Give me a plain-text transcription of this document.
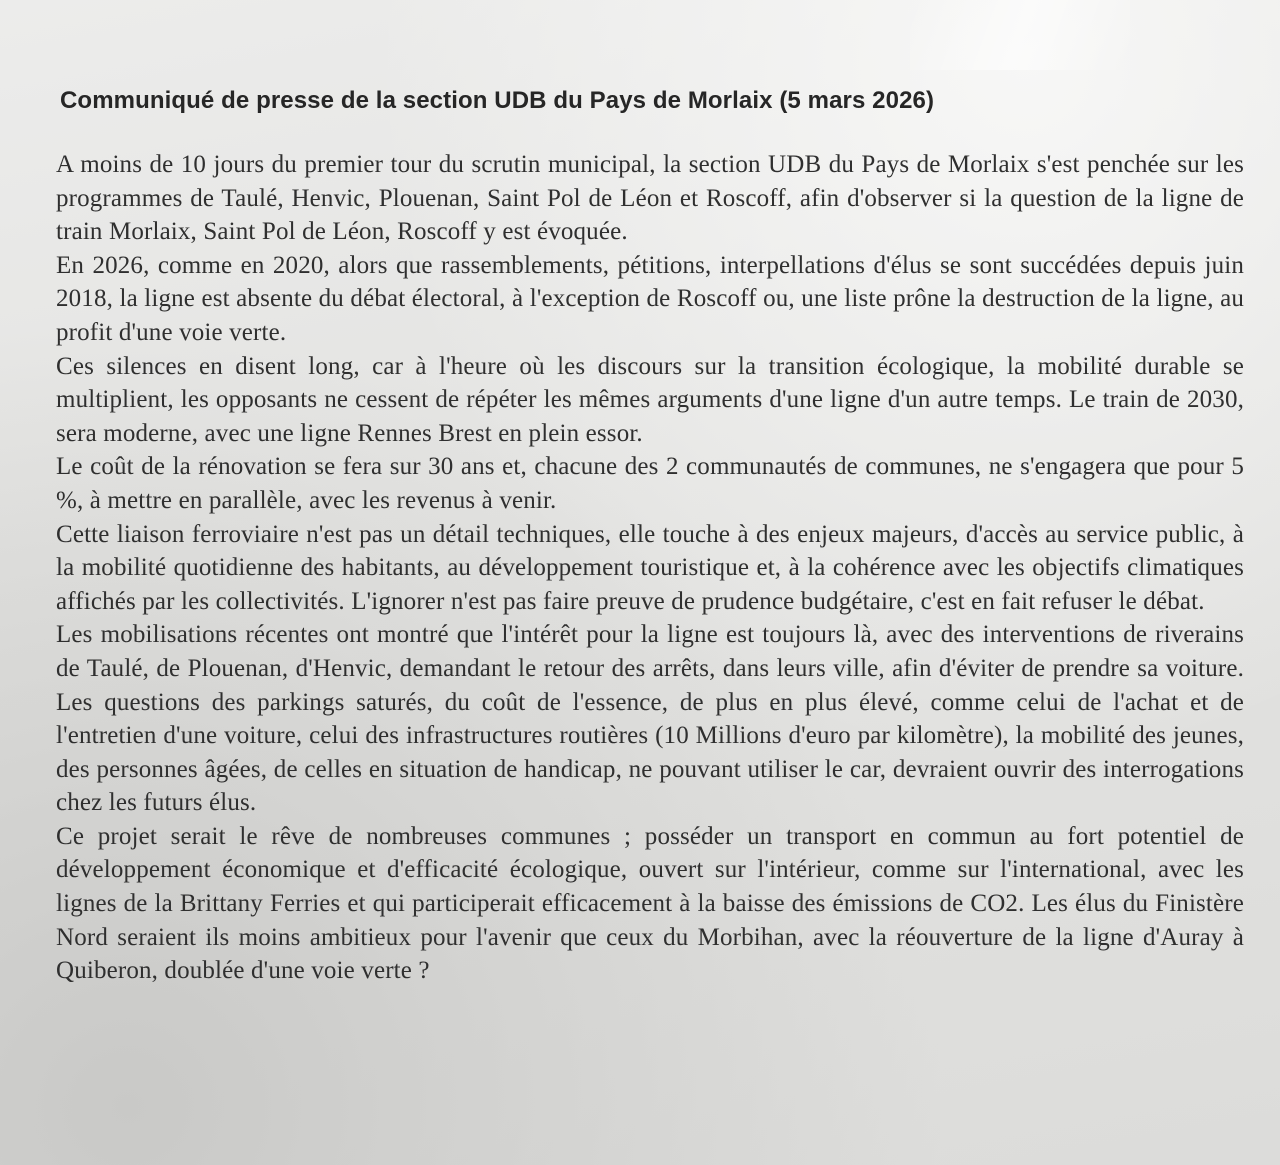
Communiqué de presse de la section UDB du Pays de Morlaix (5 mars 2026)

A moins de 10 jours du premier tour du scrutin municipal, la section UDB du Pays de Morlaix s'est penchée sur les programmes de Taulé, Henvic, Plouenan, Saint Pol de Léon et Roscoff, afin d'observer si la question de la ligne de train Morlaix, Saint Pol de Léon, Roscoff y est évoquée.

En 2026, comme en 2020, alors que rassemblements, pétitions, interpellations d'élus se sont succédées depuis juin 2018, la ligne est absente du débat électoral, à l'exception de Roscoff ou, une liste prône la destruction de la ligne, au profit d'une voie verte.

Ces silences en disent long, car à l'heure où les discours sur la transition écologique, la mobilité durable se multiplient, les opposants ne cessent de répéter les mêmes arguments d'une ligne d'un autre temps. Le train de 2030, sera moderne, avec une ligne Rennes Brest en plein essor.

Le coût de la rénovation se fera sur 30 ans et, chacune des 2 communautés de communes, ne s'engagera que pour 5 %, à mettre en parallèle, avec les revenus à venir.

Cette liaison ferroviaire n'est pas un détail techniques, elle touche à des enjeux majeurs, d'accès au service public, à la mobilité quotidienne des habitants, au développement touristique et, à la cohérence avec les objectifs climatiques affichés par les collectivités. L'ignorer n'est pas faire preuve de prudence budgétaire, c'est en fait refuser le débat.

Les mobilisations récentes ont montré que l'intérêt pour la ligne est toujours là, avec des interventions de riverains de Taulé, de Plouenan, d'Henvic, demandant le retour des arrêts, dans leurs ville, afin d'éviter de prendre sa voiture. Les questions des parkings saturés, du coût de l'essence, de plus en plus élevé, comme celui de l'achat et de l'entretien d'une voiture, celui des infrastructures routières (10 Millions d'euro par kilomètre), la mobilité des jeunes, des personnes âgées, de celles en situation de handicap, ne pouvant utiliser le car, devraient ouvrir des interrogations chez les futurs élus.

Ce projet serait le rêve de nombreuses communes ; posséder un transport en commun au fort potentiel de développement économique et d'efficacité écologique, ouvert sur l'intérieur, comme sur l'international, avec les lignes de la Brittany Ferries et qui participerait efficacement à la baisse des émissions de CO2. Les élus du Finistère Nord seraient ils moins ambitieux pour l'avenir que ceux du Morbihan, avec la réouverture de la ligne d'Auray à Quiberon, doublée d'une voie verte ?
